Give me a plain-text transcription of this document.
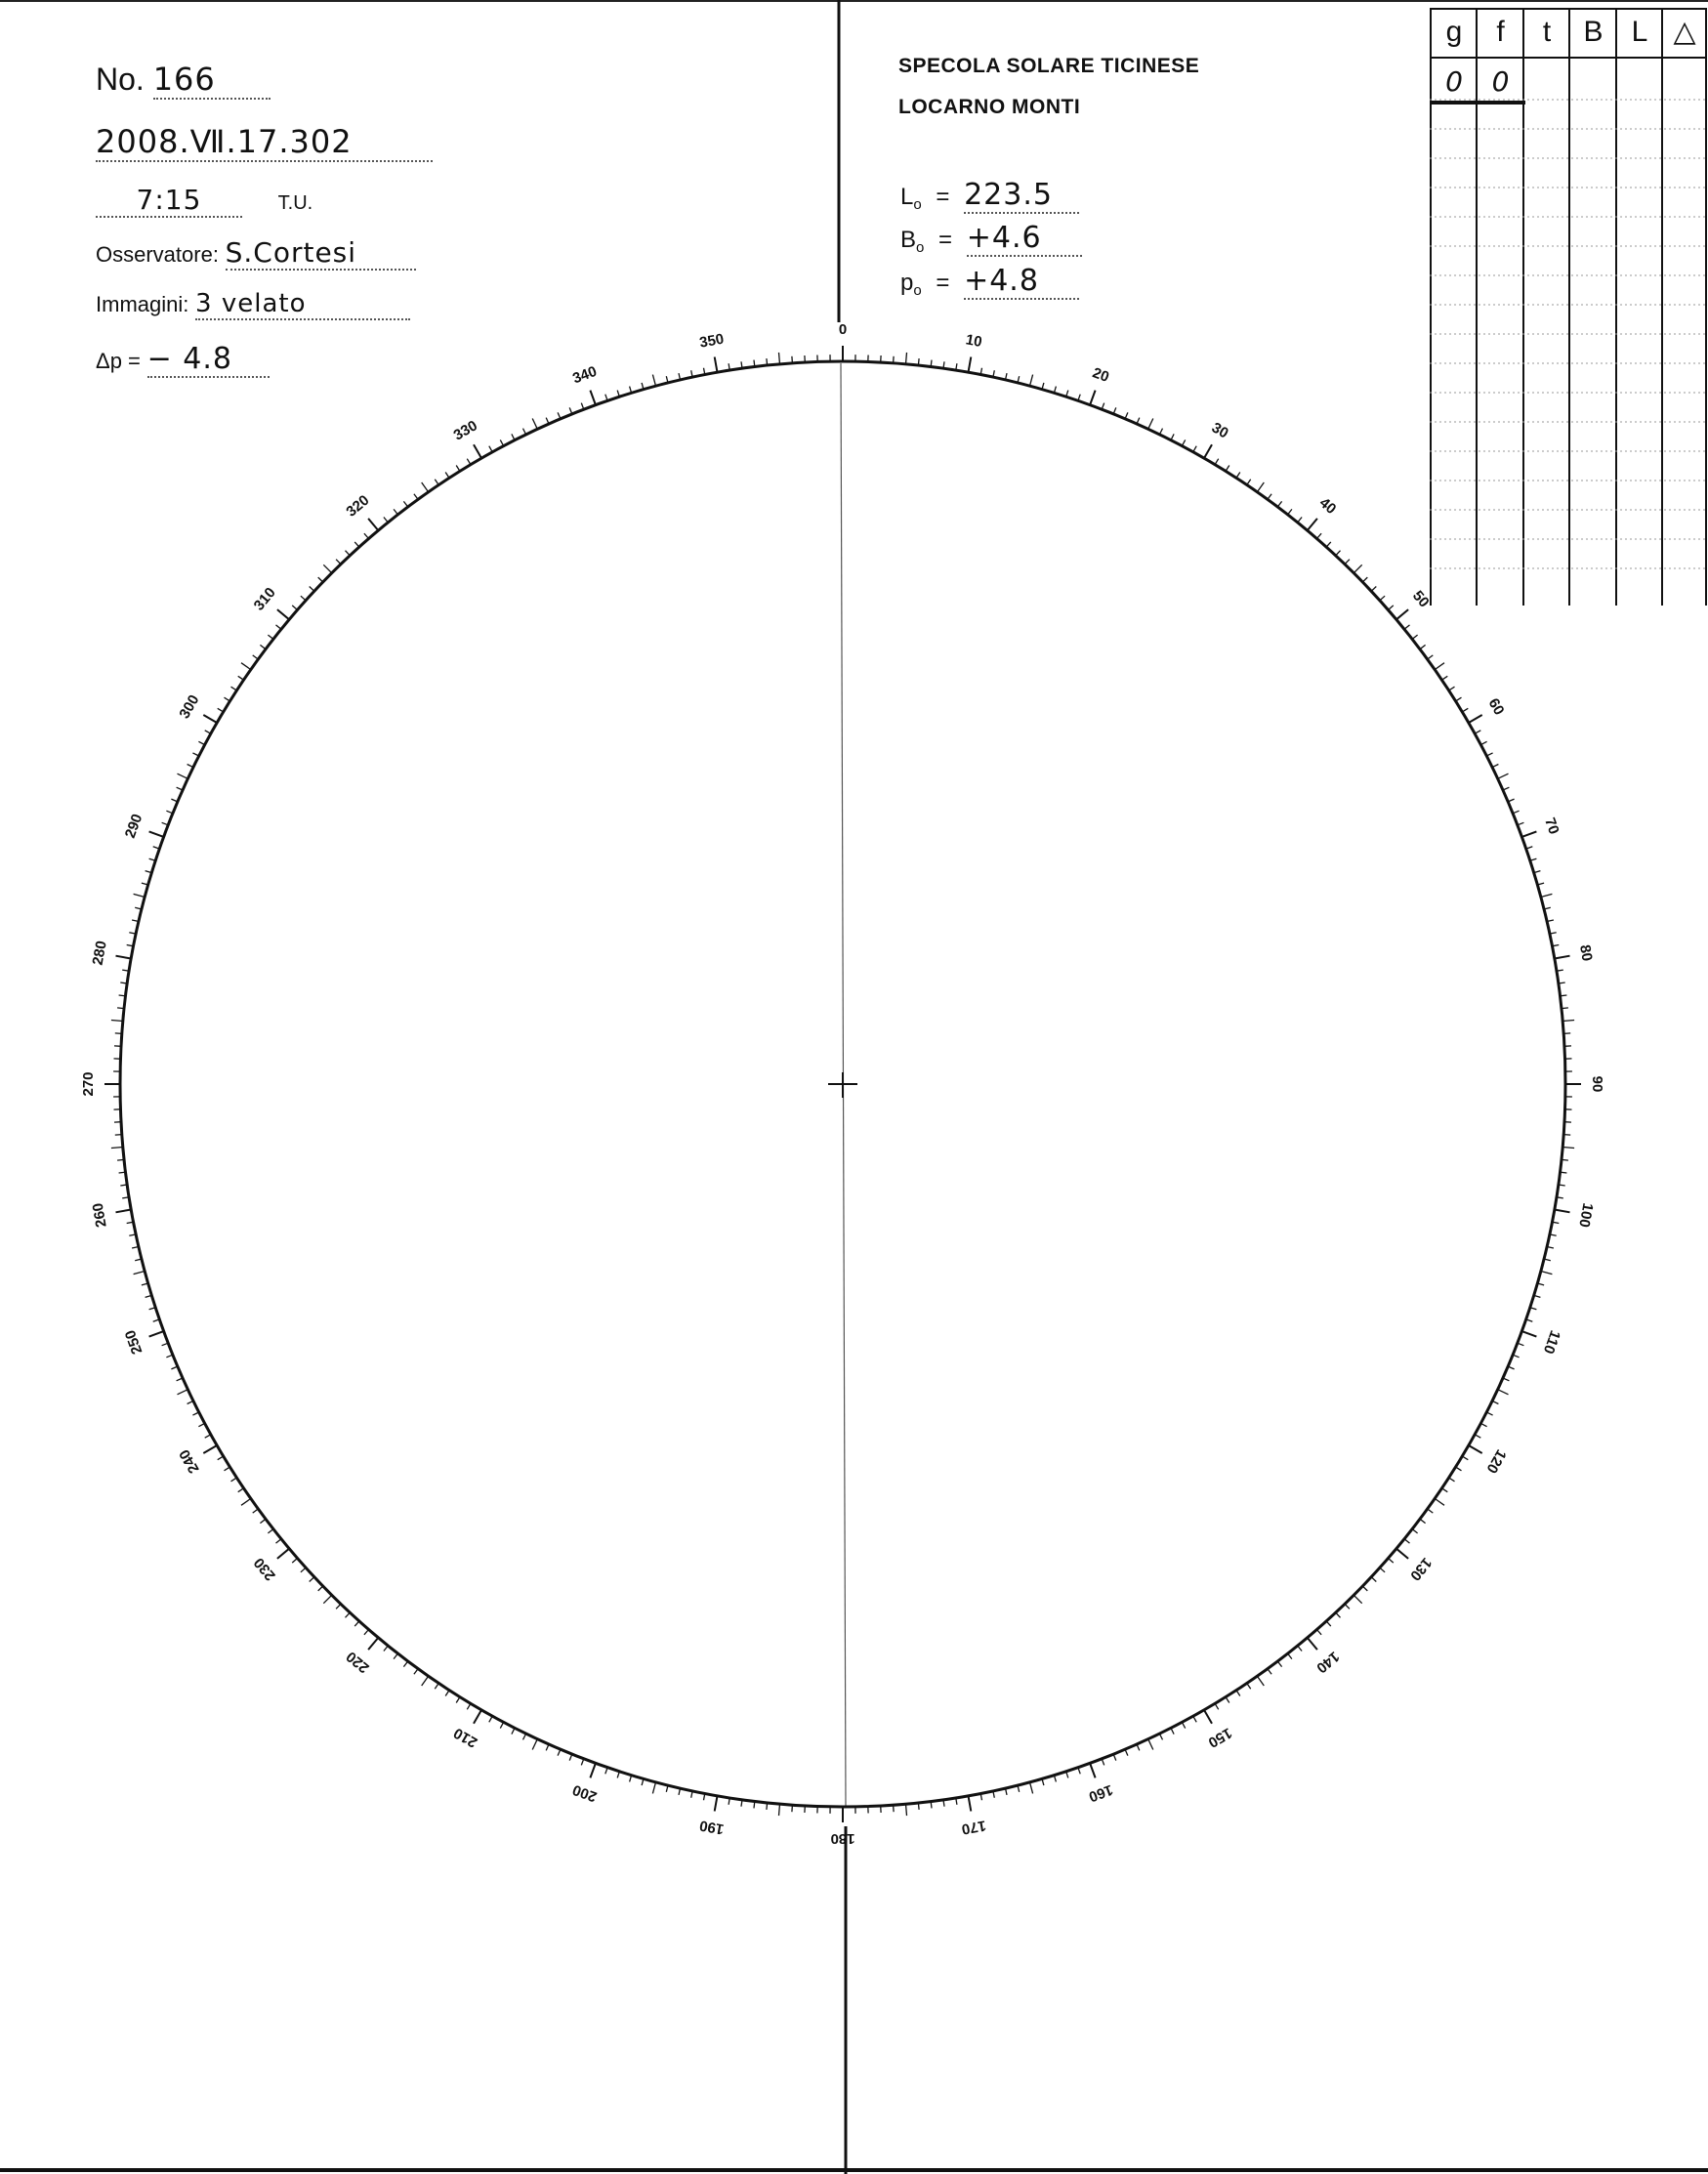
No. 166
2008.Ⅶ.17.302
7:15	T.U.
Osservatore: S.Cortesi
Immagini: 3 velato
Δp = − 4.8
SPECOLA SOLARE TICINESE
LOCARNO MONTI
$L_o = 223.5$
$B_o = +4.6$
$p_o = +4.8$
g	f	t	B L △
0	0
0
10
20
30
40
50
60
70
80
90
100
110
120
130
140
150
160
170
180
190
200
210
220
230
240
250
260
270
280
290
300
310
320
330
340
350
